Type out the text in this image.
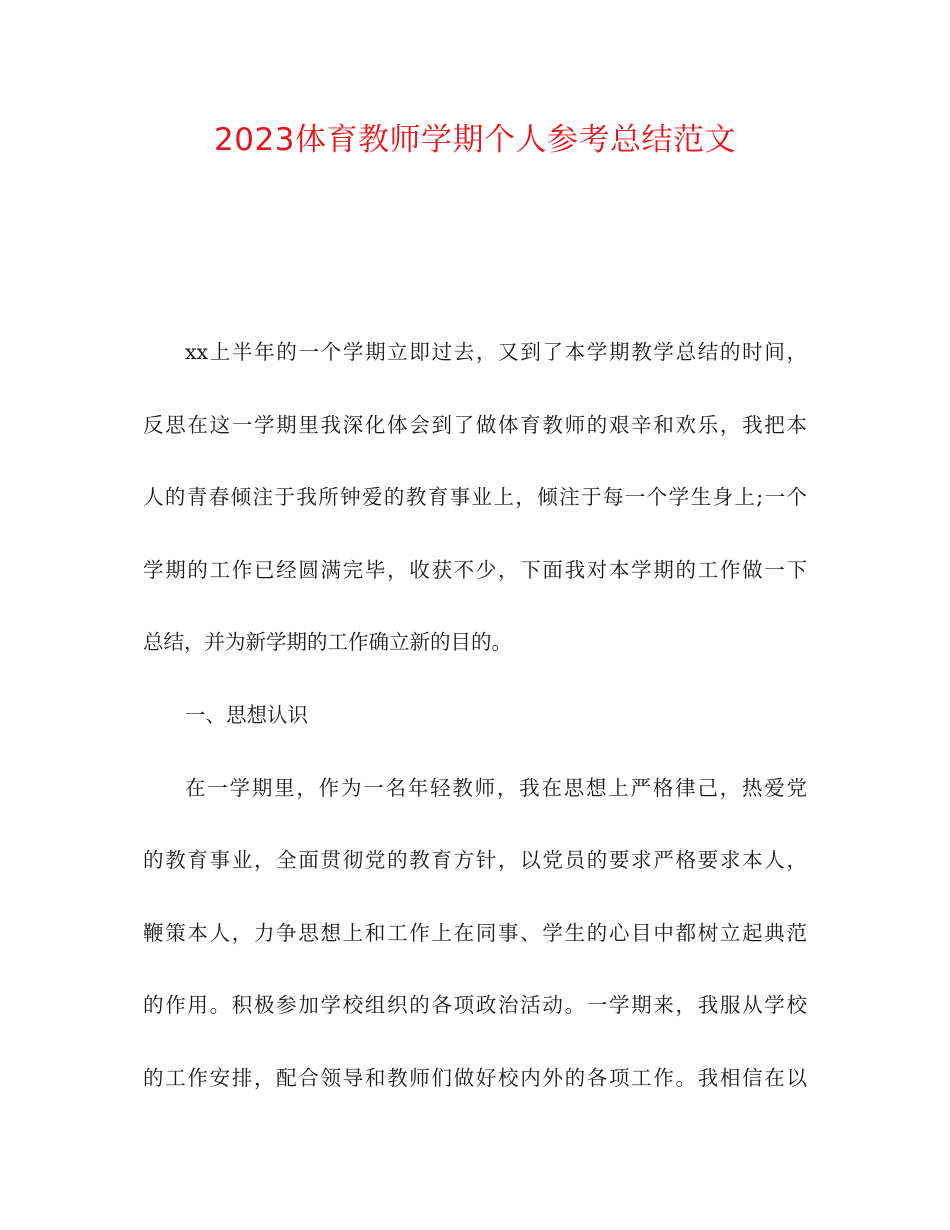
2023体育教师学期个人参考总结范文
xx上半年的一个学期立即过去，又到了本学期教学总结的时间，
反思在这一学期里我深化体会到了做体育教师的艰辛和欢乐，我把本
人的青春倾注于我所钟爱的教育事业上，倾注于每一个学生身上;一个
学期的工作已经圆满完毕，收获不少，下面我对本学期的工作做一下
总结，并为新学期的工作确立新的目的。
一、思想认识
在一学期里，作为一名年轻教师，我在思想上严格律己，热爱党
的教育事业，全面贯彻党的教育方针，以党员的要求严格要求本人，
鞭策本人，力争思想上和工作上在同事、学生的心目中都树立起典范
的作用。积极参加学校组织的各项政治活动。一学期来，我服从学校
的工作安排，配合领导和教师们做好校内外的各项工作。我相信在以
